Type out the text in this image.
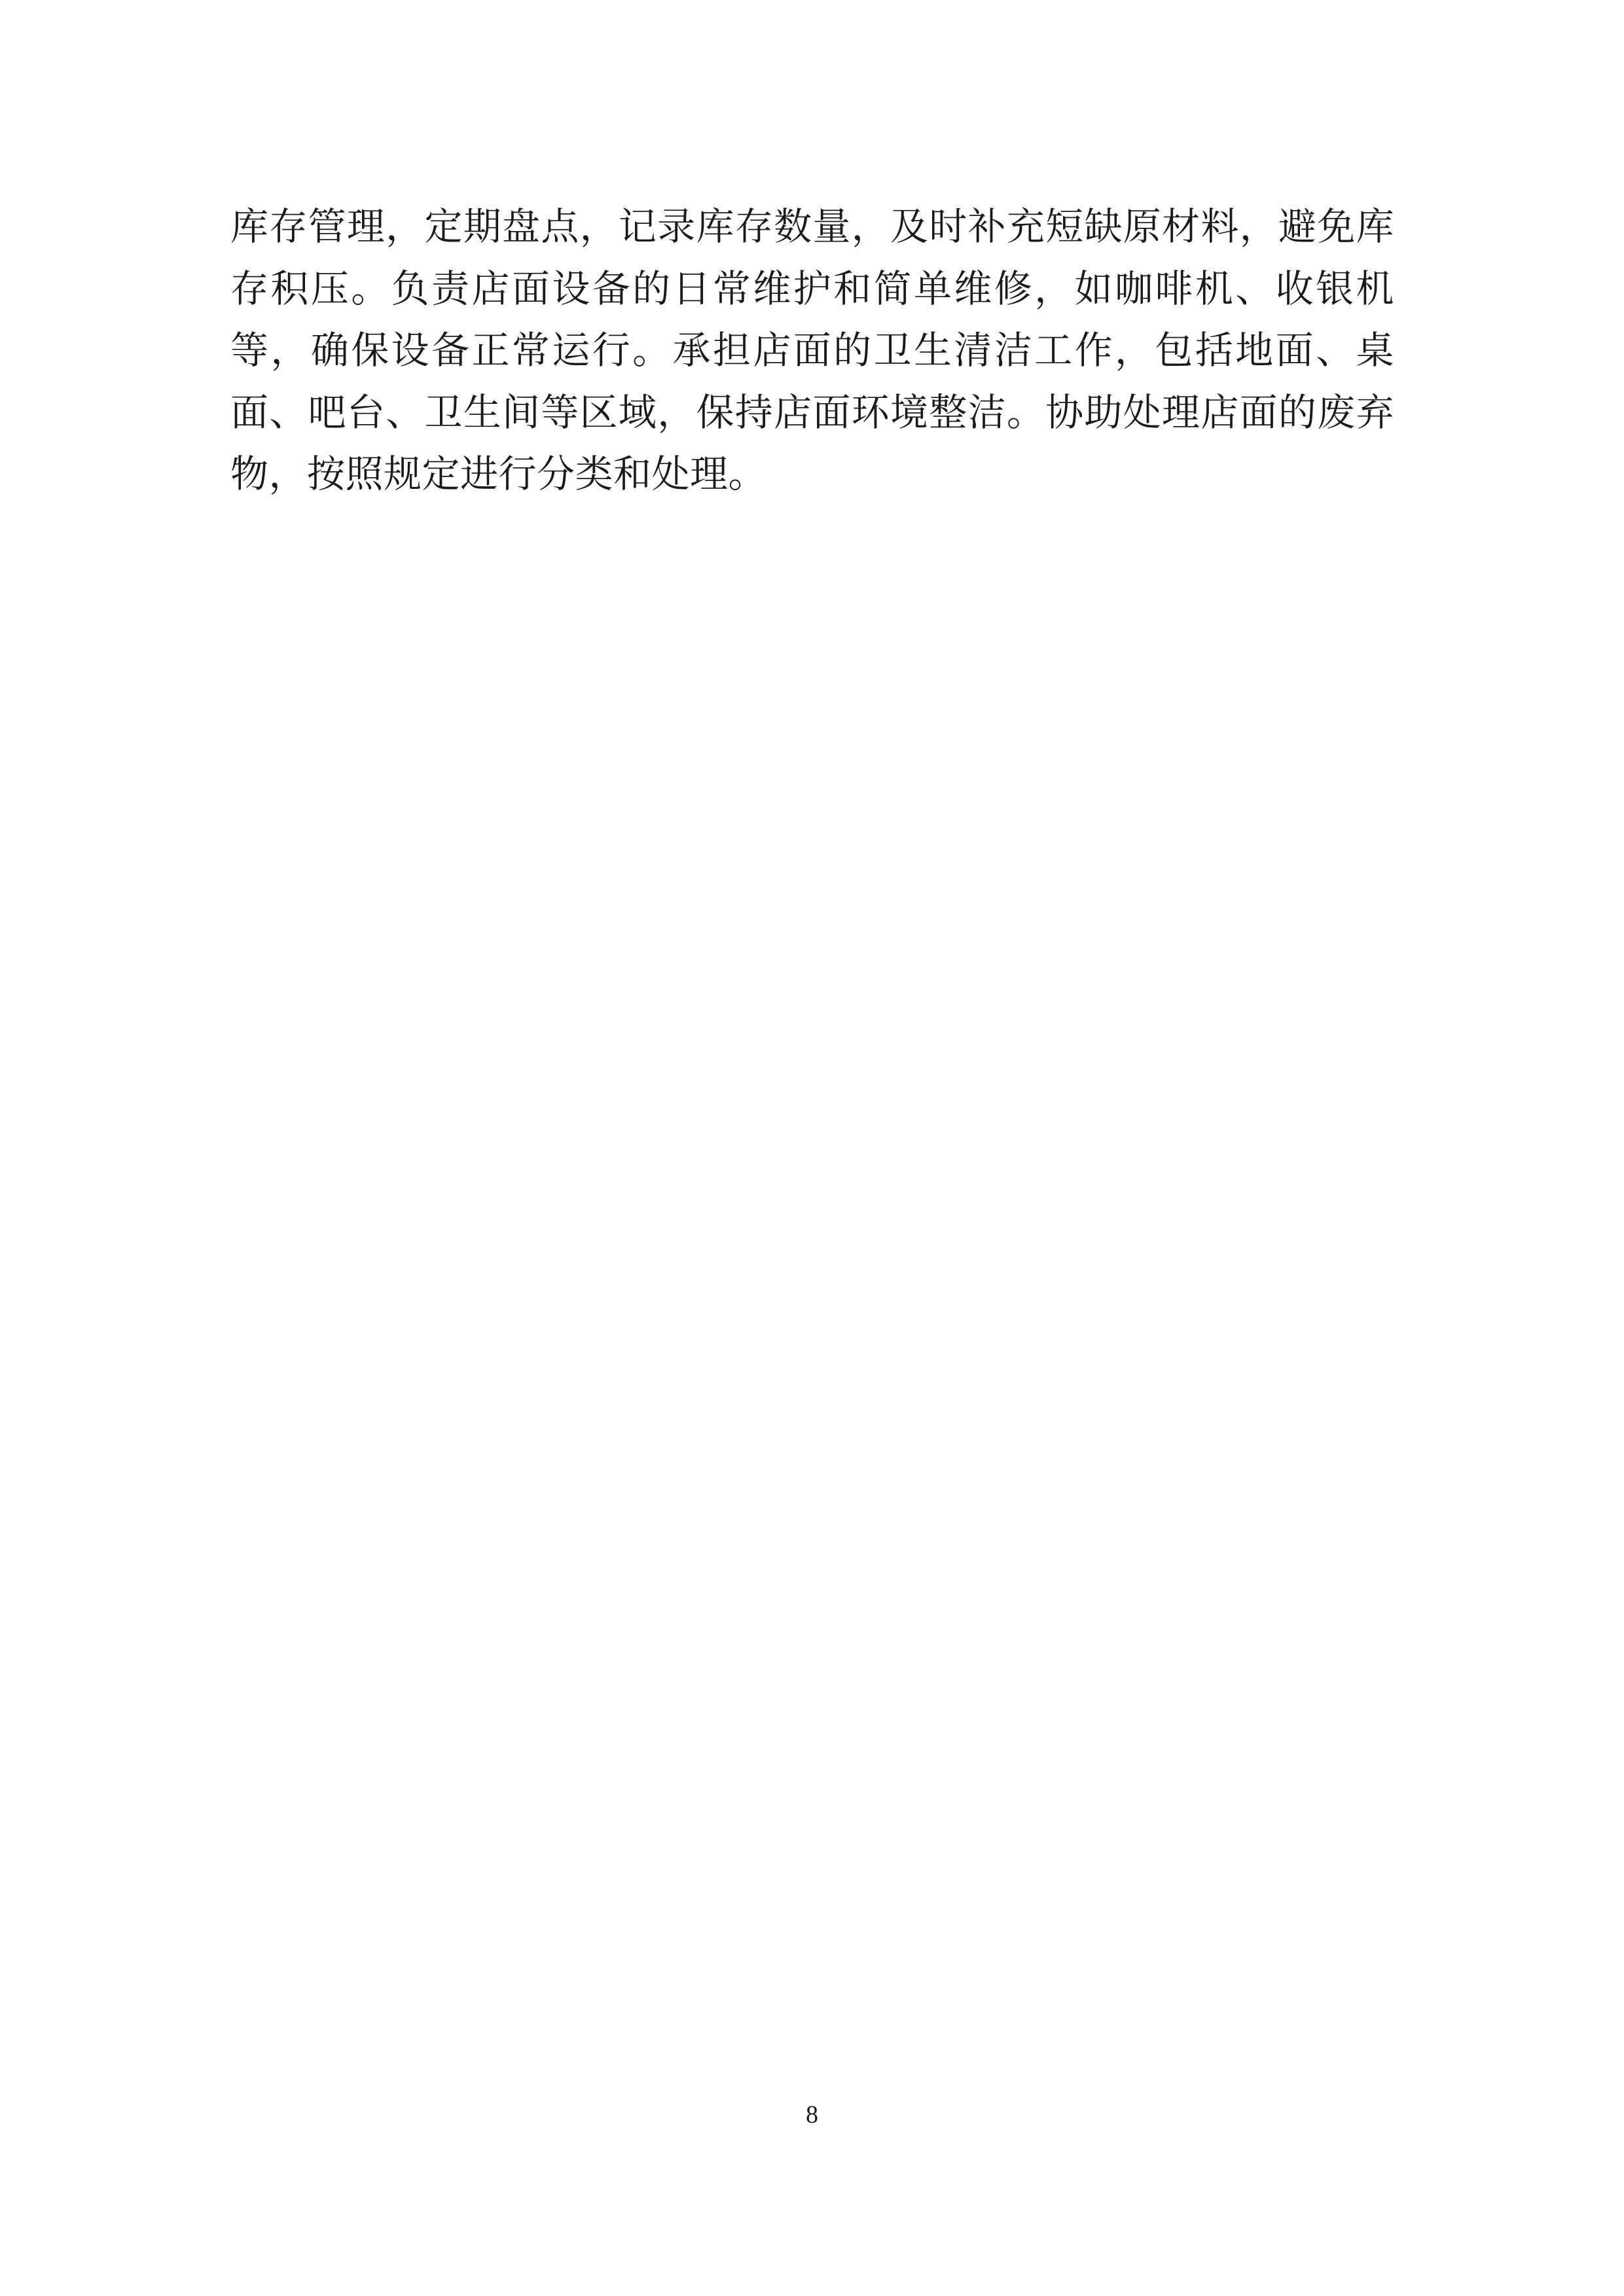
库存管理，定期盘点，记录库存数量，及时补充短缺原材料，避免库存积压。负责店面设备的日常维护和简单维修，如咖啡机、收银机等，确保设备正常运行。承担店面的卫生清洁工作，包括地面、桌面、吧台、卫生间等区域，保持店面环境整洁。协助处理店面的废弃物，按照规定进行分类和处理。

8
